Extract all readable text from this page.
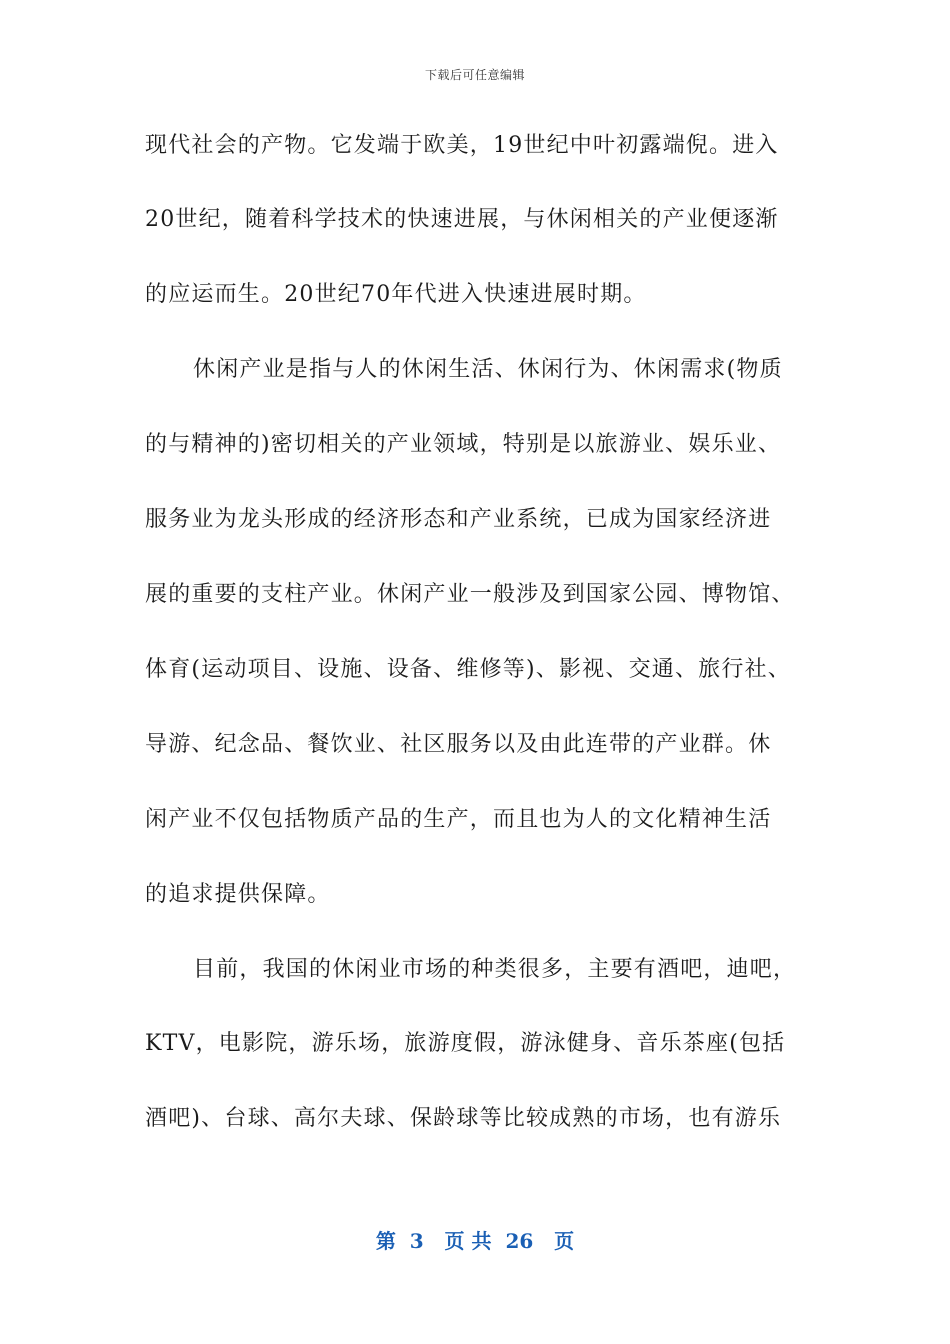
下载后可任意编辑
现代社会的产物。它发端于欧美，19世纪中叶初露端倪。进入
20世纪，随着科学技术的快速进展，与休闲相关的产业便逐渐
的应运而生。20世纪70年代进入快速进展时期。
休闲产业是指与人的休闲生活、休闲行为、休闲需求(物质
的与精神的)密切相关的产业领域，特别是以旅游业、娱乐业、
服务业为龙头形成的经济形态和产业系统，已成为国家经济进
展的重要的支柱产业。休闲产业一般涉及到国家公园、博物馆、
体育(运动项目、设施、设备、维修等)、影视、交通、旅行社、
导游、纪念品、餐饮业、社区服务以及由此连带的产业群。休
闲产业不仅包括物质产品的生产，而且也为人的文化精神生活
的追求提供保障。
目前，我国的休闲业市场的种类很多，主要有酒吧，迪吧，
KTV，电影院，游乐场，旅游度假，游泳健身、音乐茶座(包括
酒吧)、台球、高尔夫球、保龄球等比较成熟的市场，也有游乐
第  3   页 共  26   页
